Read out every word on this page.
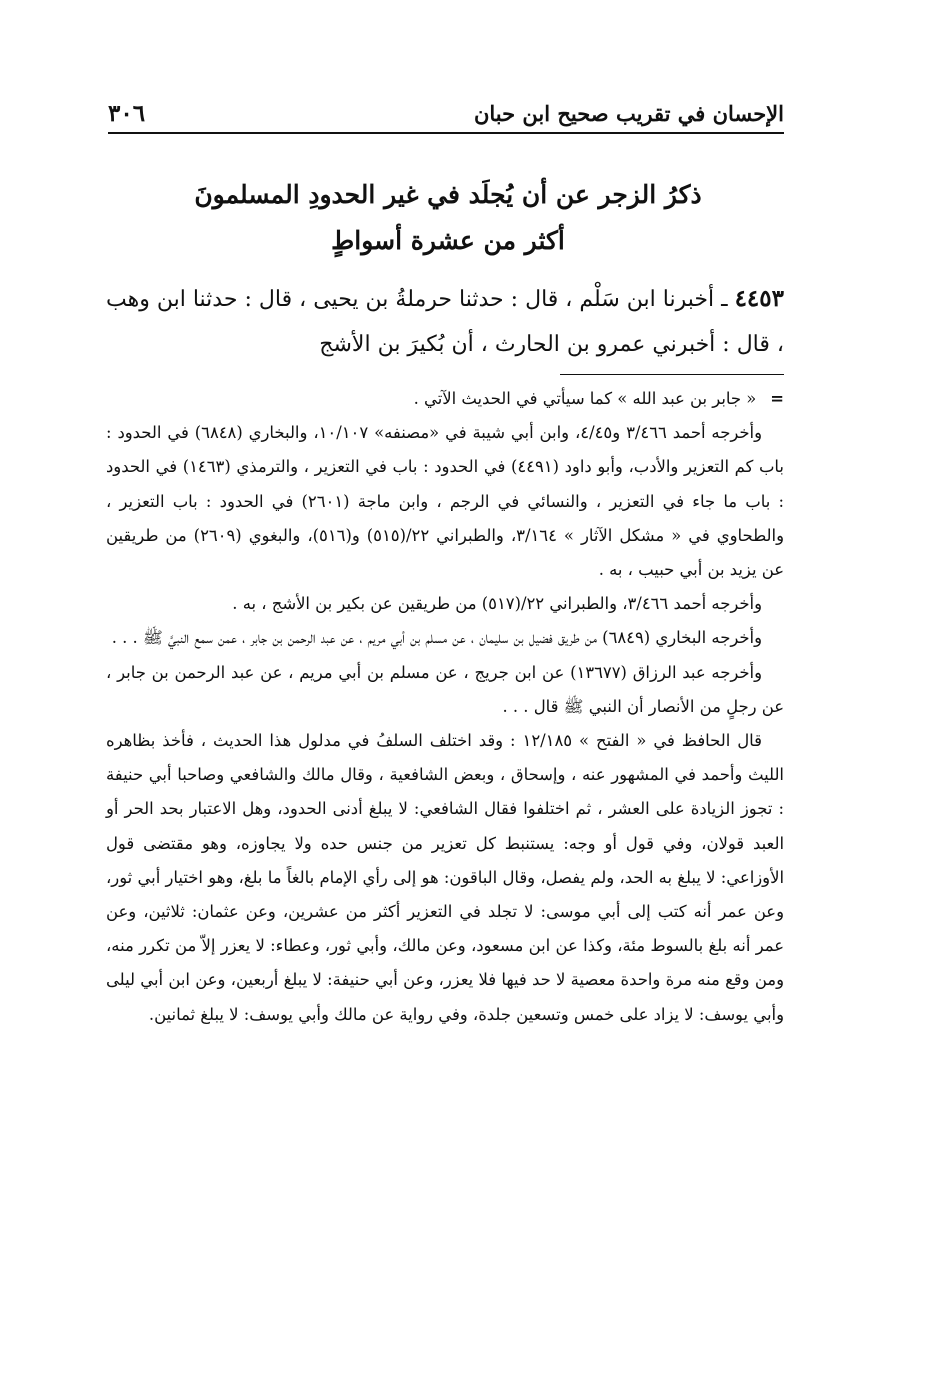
الإحسان في تقريب صحيح ابن حبان
٣٠٦
ذكرُ الزجر عن أن يُجلَد في غير الحدودِ المسلمونَ
أكثر من عشرة أسواطٍ
٤٤٥٣ ـ أخبرنا ابن سَلْم ، قال : حدثنا حرملةُ بن يحيى ، قال : حدثنا ابن وهب ، قال : أخبرني عمرو بن الحارث ، أن بُكيرَ بن الأشج

=« جابر بن عبد الله » كما سيأتي في الحديث الآتي .

وأخرجه أحمد ٣/٤٦٦ و٤/٤٥، وابن أبي شيبة في «مصنفه» ١٠/١٠٧، والبخاري (٦٨٤٨) في الحدود : باب كم التعزير والأدب، وأبو داود (٤٤٩١) في الحدود : باب في التعزير ، والترمذي (١٤٦٣) في الحدود : باب ما جاء في التعزير ، والنسائي في الرجم ، وابن ماجة (٢٦٠١) في الحدود : باب التعزير ، والطحاوي في « مشكل الآثار » ٣/١٦٤، والطبراني ٢٢/(٥١٥) و(٥١٦)، والبغوي (٢٦٠٩) من طريقين عن يزيد بن أبي حبيب ، به .

وأخرجه أحمد ٣/٤٦٦، والطبراني ٢٢/(٥١٧) من طريقين عن بكير بن الأشج ، به .

وأخرجه البخاري (٦٨٤٩) من طريق فضيل بن سليمان ، عن مسلم بن أبي مريم ، عن عبد الرحمن بن جابر ، عمن سمع النبيَّ ﷺ . . .

وأخرجه عبد الرزاق (١٣٦٧٧) عن ابن جريج ، عن مسلم بن أبي مريم ، عن عبد الرحمن بن جابر ، عن رجلٍ من الأنصار أن النبي ﷺ قال . . .

قال الحافظ في « الفتح » ١٢/١٨٥ : وقد اختلف السلفُ في مدلول هذا الحديث ، فأخذ بظاهره الليث وأحمد في المشهور عنه ، وإسحاق ، وبعض الشافعية ، وقال مالك والشافعي وصاحبا أبي حنيفة : تجوز الزيادة على العشر ، ثم اختلفوا فقال الشافعي: لا يبلغ أدنى الحدود، وهل الاعتبار بحد الحر أو العبد قولان، وفي قول أو وجه: يستنبط كل تعزير من جنس حده ولا يجاوزه، وهو مقتضى قول الأوزاعي: لا يبلغ به الحد، ولم يفصل، وقال الباقون: هو إلى رأي الإمام بالغاً ما بلغ، وهو اختيار أبي ثور، وعن عمر أنه كتب إلى أبي موسى: لا تجلد في التعزير أكثر من عشرين، وعن عثمان: ثلاثين، وعن عمر أنه بلغ بالسوط مئة، وكذا عن ابن مسعود، وعن مالك، وأبي ثور، وعطاء: لا يعزر إلاّ من تكرر منه، ومن وقع منه مرة واحدة معصية لا حد فيها فلا يعزر، وعن أبي حنيفة: لا يبلغ أربعين، وعن ابن أبي ليلى وأبي يوسف: لا يزاد على خمس وتسعين جلدة، وفي رواية عن مالك وأبي يوسف: لا يبلغ ثمانين.
